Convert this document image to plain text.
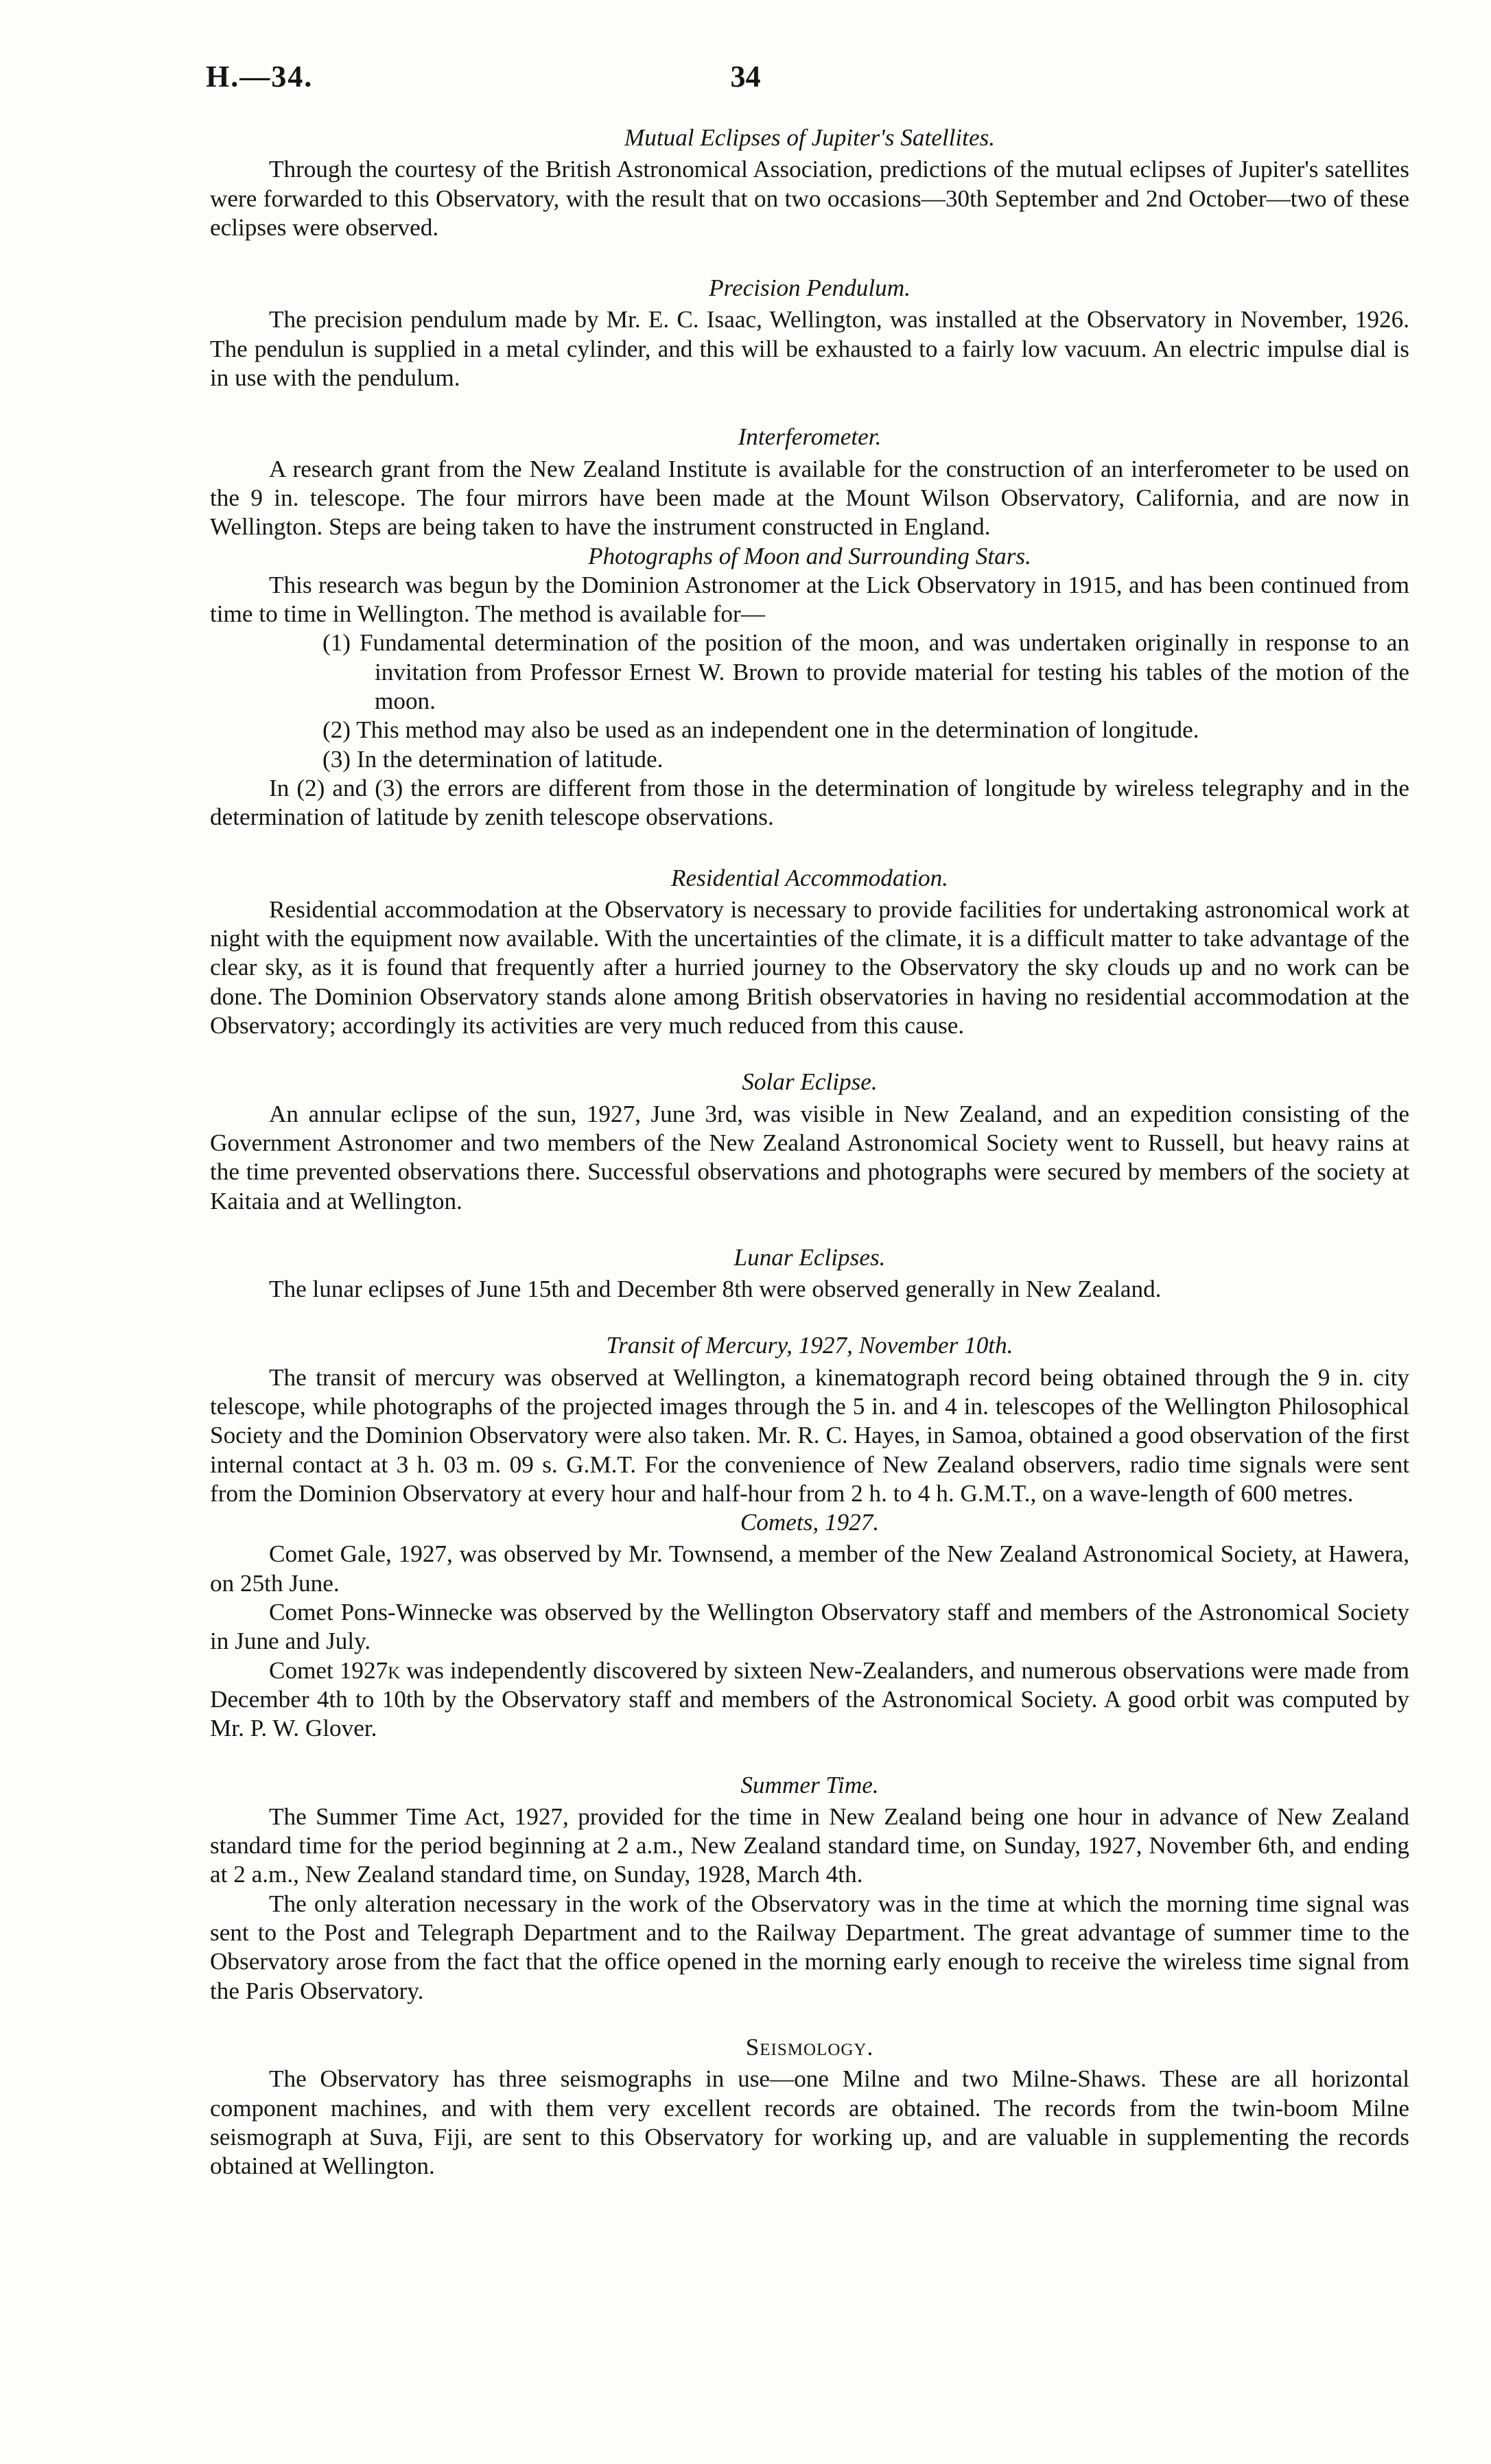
H.—34.	34

Mutual Eclipses of Jupiter's Satellites.

Through the courtesy of the British Astronomical Association, predictions of the mutual eclipses of Jupiter's satellites were forwarded to this Observatory, with the result that on two occasions—30th September and 2nd October—two of these eclipses were observed.

Precision Pendulum.

The precision pendulum made by Mr. E. C. Isaac, Wellington, was installed at the Observatory in November, 1926. The pendulun is supplied in a metal cylinder, and this will be exhausted to a fairly low vacuum. An electric impulse dial is in use with the pendulum.

Interferometer.

A research grant from the New Zealand Institute is available for the construction of an interferometer to be used on the 9 in. telescope. The four mirrors have been made at the Mount Wilson Observatory, California, and are now in Wellington. Steps are being taken to have the instrument constructed in England.

Photographs of Moon and Surrounding Stars.

This research was begun by the Dominion Astronomer at the Lick Observatory in 1915, and has been continued from time to time in Wellington. The method is available for—

(1) Fundamental determination of the position of the moon, and was undertaken originally in response to an invitation from Professor Ernest W. Brown to provide material for testing his tables of the motion of the moon.

(2) This method may also be used as an independent one in the determination of longitude.

(3) In the determination of latitude.

In (2) and (3) the errors are different from those in the determination of longitude by wireless telegraphy and in the determination of latitude by zenith telescope observations.

Residential Accommodation.

Residential accommodation at the Observatory is necessary to provide facilities for undertaking astronomical work at night with the equipment now available. With the uncertainties of the climate, it is a difficult matter to take advantage of the clear sky, as it is found that frequently after a hurried journey to the Observatory the sky clouds up and no work can be done. The Dominion Observatory stands alone among British observatories in having no residential accommodation at the Observatory; accordingly its activities are very much reduced from this cause.

Solar Eclipse.

An annular eclipse of the sun, 1927, June 3rd, was visible in New Zealand, and an expedition consisting of the Government Astronomer and two members of the New Zealand Astronomical Society went to Russell, but heavy rains at the time prevented observations there. Successful observations and photographs were secured by members of the society at Kaitaia and at Wellington.

Lunar Eclipses.

The lunar eclipses of June 15th and December 8th were observed generally in New Zealand.

Transit of Mercury, 1927, November 10th.

The transit of mercury was observed at Wellington, a kinematograph record being obtained through the 9 in. city telescope, while photographs of the projected images through the 5 in. and 4 in. telescopes of the Wellington Philosophical Society and the Dominion Observatory were also taken. Mr. R. C. Hayes, in Samoa, obtained a good observation of the first internal contact at 3 h. 03 m. 09 s. G.M.T. For the convenience of New Zealand observers, radio time signals were sent from the Dominion Observatory at every hour and half-hour from 2 h. to 4 h. G.M.T., on a wave-length of 600 metres.

Comets, 1927.

Comet Gale, 1927, was observed by Mr. Townsend, a member of the New Zealand Astronomical Society, at Hawera, on 25th June.

Comet Pons-Winnecke was observed by the Wellington Observatory staff and members of the Astronomical Society in June and July.

Comet 1927k was independently discovered by sixteen New-Zealanders, and numerous observations were made from December 4th to 10th by the Observatory staff and members of the Astronomical Society. A good orbit was computed by Mr. P. W. Glover.

Summer Time.

The Summer Time Act, 1927, provided for the time in New Zealand being one hour in advance of New Zealand standard time for the period beginning at 2 a.m., New Zealand standard time, on Sunday, 1927, November 6th, and ending at 2 a.m., New Zealand standard time, on Sunday, 1928, March 4th.

The only alteration necessary in the work of the Observatory was in the time at which the morning time signal was sent to the Post and Telegraph Department and to the Railway Department. The great advantage of summer time to the Observatory arose from the fact that the office opened in the morning early enough to receive the wireless time signal from the Paris Observatory.

Seismology.

The Observatory has three seismographs in use—one Milne and two Milne-Shaws. These are all horizontal component machines, and with them very excellent records are obtained. The records from the twin-boom Milne seismograph at Suva, Fiji, are sent to this Observatory for working up, and are valuable in supplementing the records obtained at Wellington.
